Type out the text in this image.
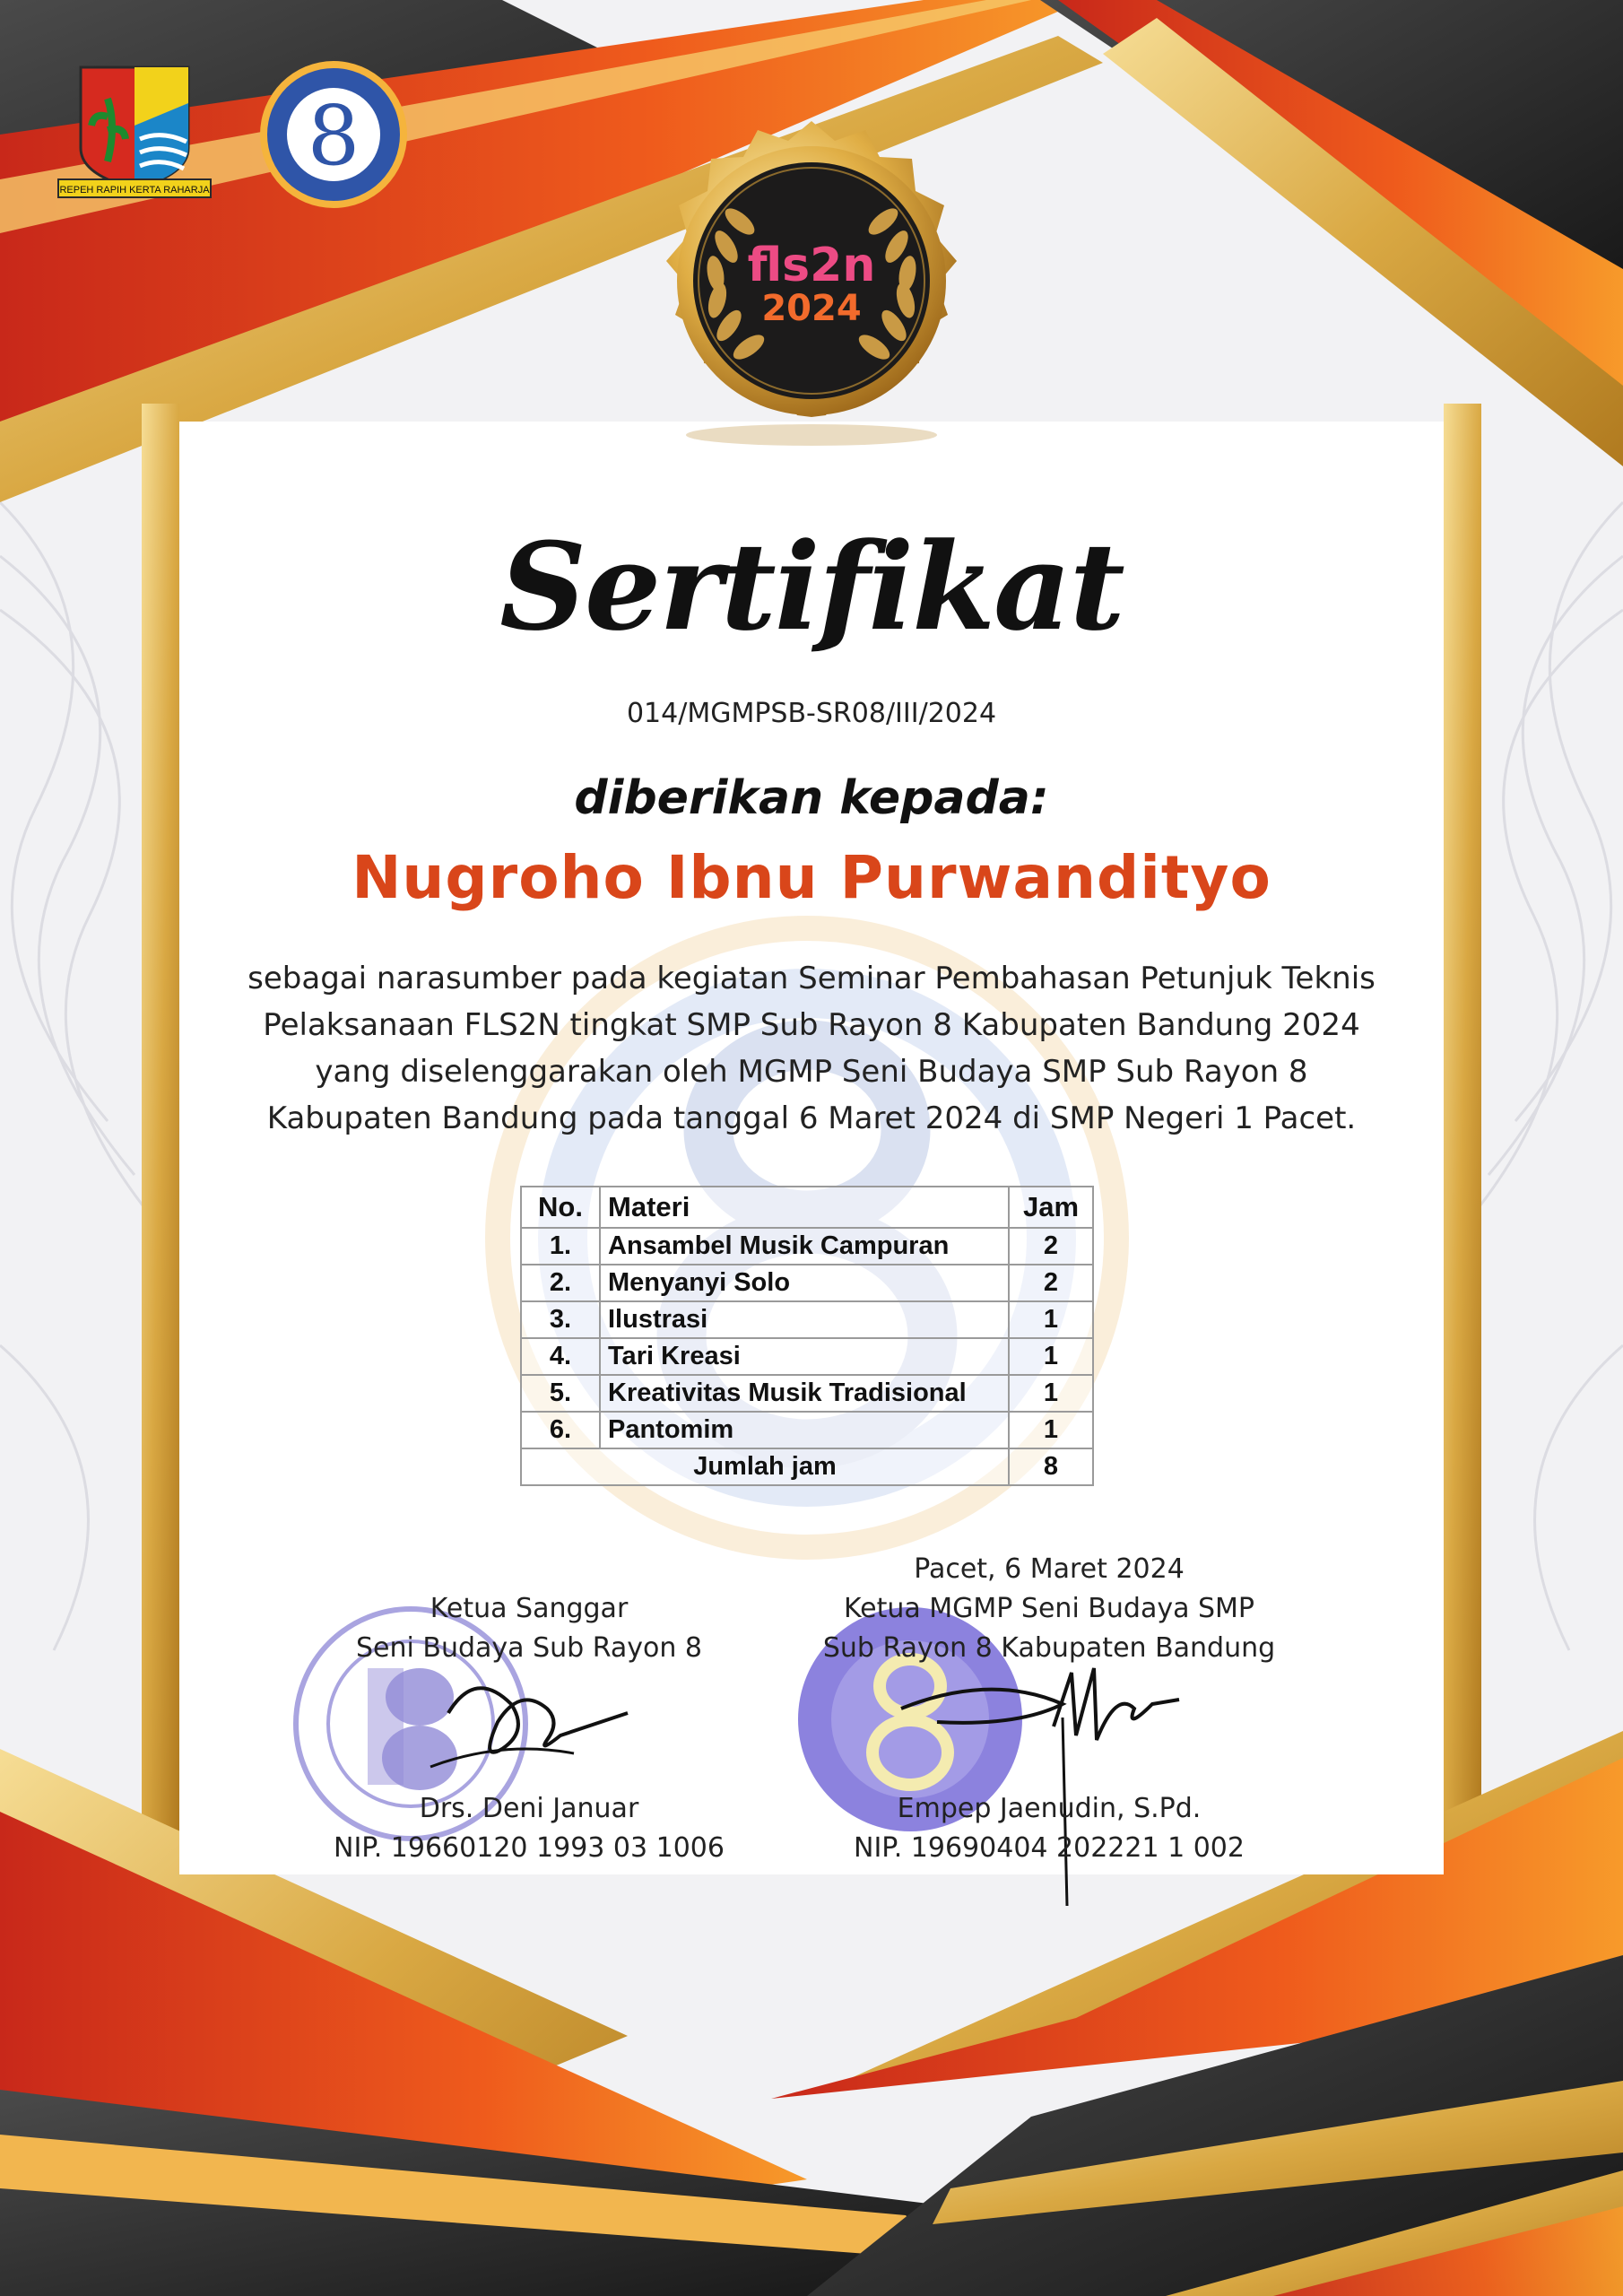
REPEH RAPIH KERTA RAHARJA
8
fls2n
2024
Sertifikat
014/MGMPSB-SR08/III/2024
diberikan kepada:
Nugroho Ibnu Purwandityo
sebagai narasumber pada kegiatan Seminar Pembahasan Petunjuk Teknis
Pelaksanaan FLS2N tingkat SMP Sub Rayon 8 Kabupaten Bandung 2024
yang diselenggarakan oleh MGMP Seni Budaya SMP Sub Rayon 8
Kabupaten Bandung pada tanggal 6 Maret 2024 di SMP Negeri 1 Pacet.
No.	Materi	Jam
1.	Ansambel Musik Campuran	2
2.	Menyanyi Solo	2
3.	Ilustrasi	1
4.	Tari Kreasi	1
5.	Kreativitas Musik Tradisional	1
6.	Pantomim	1
Jumlah jam		8
Ketua Sanggar
Seni Budaya Sub Rayon 8
Pacet, 6 Maret 2024
Ketua MGMP Seni Budaya SMP
Sub Rayon 8 Kabupaten Bandung
Drs. Deni Januar
NIP. 19660120 1993 03 1006
Empep Jaenudin, S.Pd.
NIP. 19690404 202221 1 002
